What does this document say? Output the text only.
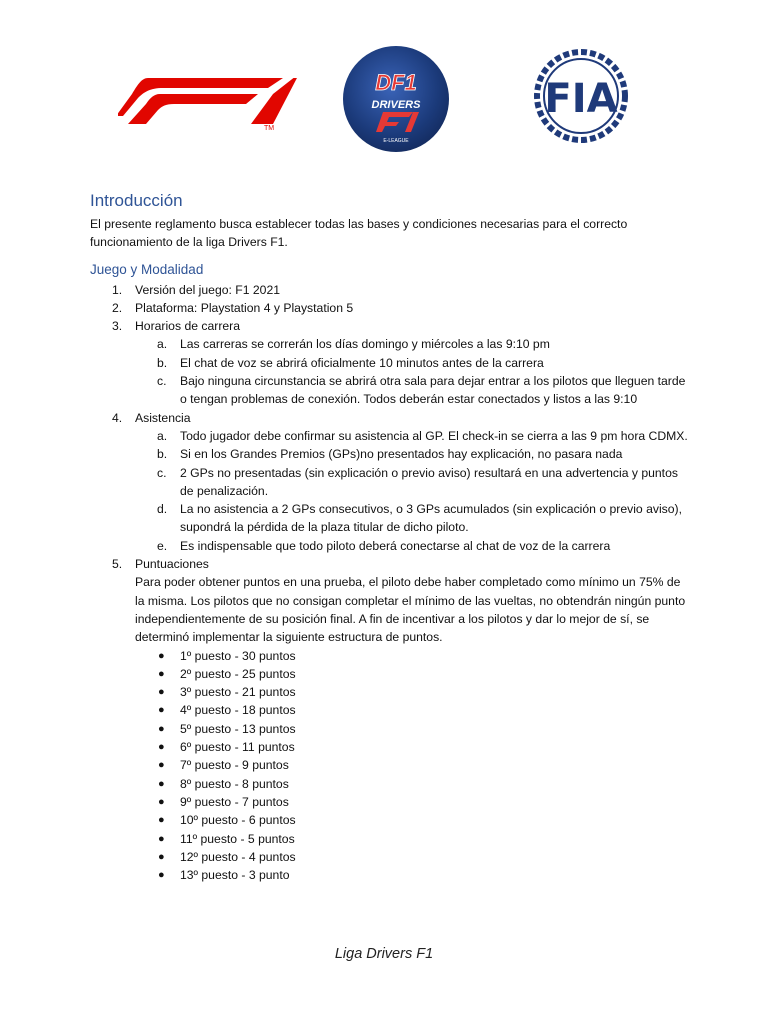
TM
DF1
DRIVERS
E-LEAGUE
FIA
Introducción

El presente reglamento busca establecer todas las bases y condiciones necesarias para el correcto funcionamiento de la liga Drivers F1.

Juego y Modalidad
1. Versión del juego: F1 2021
2. Plataforma: Playstation 4 y Playstation 5
3. Horarios de carrera
a. Las carreras se correrán los días domingo y miércoles a las 9:10 pm
b. El chat de voz se abrirá oficialmente 10 minutos antes de la carrera
c. Bajo ninguna circunstancia se abrirá otra sala para dejar entrar a los pilotos que lleguen tarde o tengan problemas de conexión. Todos deberán estar conectados y listos a las 9:10
4. Asistencia
a. Todo jugador debe confirmar su asistencia al GP. El check-in se cierra a las 9 pm hora CDMX.
b. Si en los Grandes Premios (GPs)no presentados hay explicación, no pasara nada
c. 2 GPs no presentadas (sin explicación o previo aviso) resultará en una advertencia y puntos de penalización.
d. La no asistencia a 2 GPs consecutivos, o 3 GPs acumulados (sin explicación o previo aviso), supondrá la pérdida de la plaza titular de dicho piloto.
e. Es indispensable que todo piloto deberá conectarse al chat de voz de la carrera
5. Puntuaciones

Para poder obtener puntos en una prueba, el piloto debe haber completado como mínimo un 75% de la misma. Los pilotos que no consigan completar el mínimo de las vueltas, no obtendrán ningún punto independientemente de su posición final. A fin de incentivar a los pilotos y dar lo mejor de sí, se determinó implementar la siguiente estructura de puntos.

● 1º puesto - 30 puntos
● 2º puesto - 25 puntos
● 3º puesto - 21 puntos
● 4º puesto - 18 puntos
● 5º puesto - 13 puntos
● 6º puesto - 11 puntos
● 7º puesto - 9 puntos
● 8º puesto - 8 puntos
● 9º puesto - 7 puntos
● 10º puesto - 6 puntos
● 11º puesto - 5 puntos
● 12º puesto - 4 puntos
● 13º puesto - 3 punto
Liga Drivers F1
